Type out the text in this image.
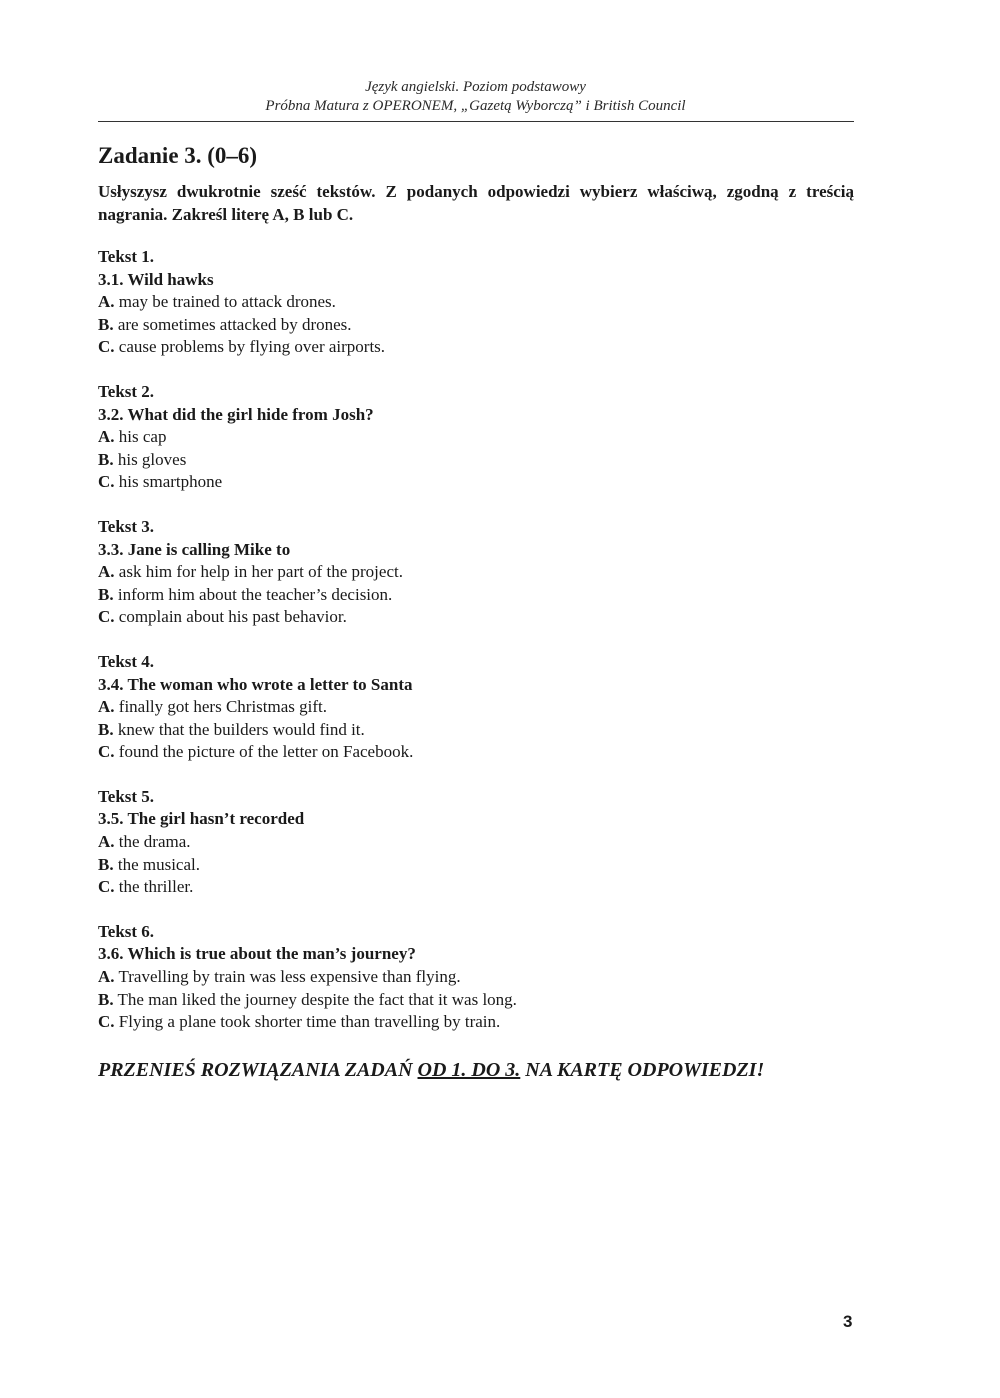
Język angielski. Poziom podstawowy
Próbna Matura z OPERONEM, „Gazetą Wyborczą” i British Council
Zadanie 3. (0–6)
Usłyszysz dwukrotnie sześć tekstów. Z podanych odpowiedzi wybierz właściwą, zgodną z treścią nagrania. Zakreśl literę A, B lub C.
Tekst 1.
3.1. Wild hawks
A. may be trained to attack drones.
B. are sometimes attacked by drones.
C. cause problems by flying over airports.
Tekst 2.
3.2. What did the girl hide from Josh?
A. his cap
B. his gloves
C. his smartphone
Tekst 3.
3.3. Jane is calling Mike to
A. ask him for help in her part of the project.
B. inform him about the teacher’s decision.
C. complain about his past behavior.
Tekst 4.
3.4. The woman who wrote a letter to Santa
A. finally got hers Christmas gift.
B. knew that the builders would find it.
C. found the picture of the letter on Facebook.
Tekst 5.
3.5. The girl hasn’t recorded
A. the drama.
B. the musical.
C. the thriller.
Tekst 6.
3.6. Which is true about the man’s journey?
A. Travelling by train was less expensive than flying.
B. The man liked the journey despite the fact that it was long.
C. Flying a plane took shorter time than travelling by train.
PRZENIEŚ ROZWIĄZANIA ZADAŃ OD 1. DO 3. NA KARTĘ ODPOWIEDZI!
3
